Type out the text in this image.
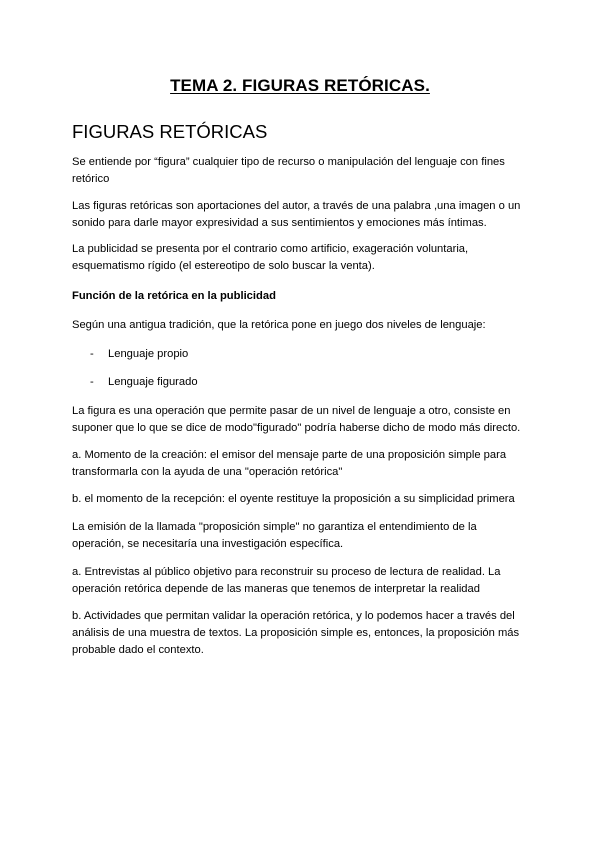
TEMA 2. FIGURAS RETÓRICAS.
FIGURAS RETÓRICAS

Se entiende por “figura” cualquier tipo de recurso o manipulación del lenguaje con fines retórico

Las figuras retóricas son aportaciones del autor, a través de una palabra ,una imagen o un sonido para darle mayor expresividad a sus sentimientos y emociones más íntimas.

La publicidad se presenta por el contrario como artificio, exageración voluntaria, esquematismo rígido (el estereotipo de solo buscar la venta).

Función de la retórica en la publicidad

Según una antigua tradición, que la retórica pone en juego dos niveles de lenguaje:

- Lenguaje propio
- Lenguaje figurado

La figura es una operación que permite pasar de un nivel de lenguaje a otro, consiste en suponer que lo que se dice de modo"figurado" podría haberse dicho de modo más directo.

a. Momento de la creación: el emisor del mensaje parte de una proposición simple para transformarla con la ayuda de una "operación retórica"

b. el momento de la recepción: el oyente restituye la proposición a su simplicidad primera

La emisión de la llamada "proposición simple" no garantiza el entendimiento de la operación, se necesitaría una investigación específica.

a. Entrevistas al público objetivo para reconstruir su proceso de lectura de realidad. La operación retórica depende de las maneras que tenemos de interpretar la realidad

b. Actividades que permitan validar la operación retórica, y lo podemos hacer a través del análisis de una muestra de textos. La proposición simple es, entonces, la proposición más probable dado el contexto.
